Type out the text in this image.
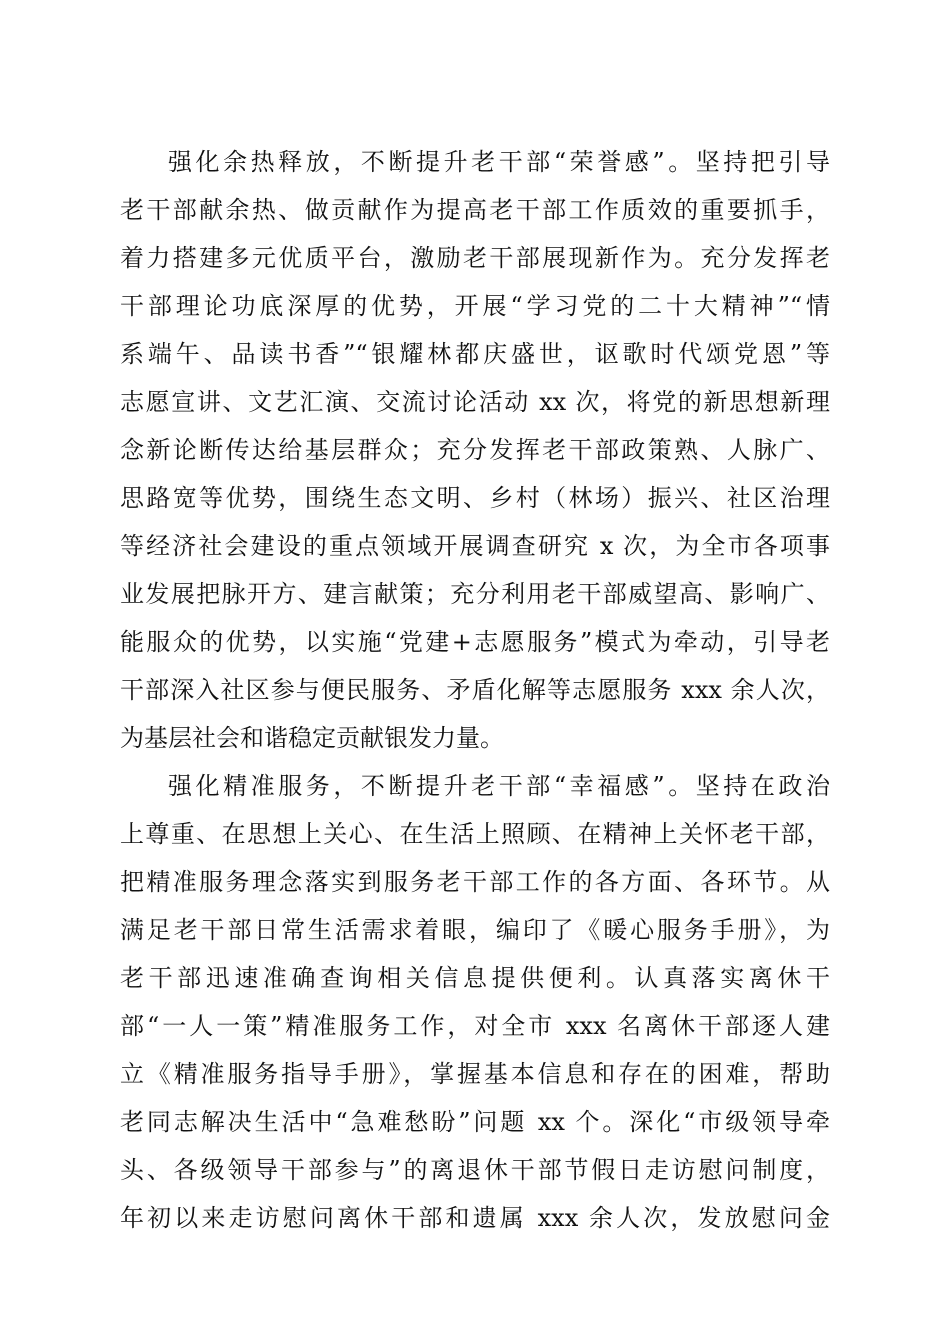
强化余热释放，不断提升老干部“荣誉感”。坚持把引导
老干部献余热、做贡献作为提高老干部工作质效的重要抓手，
着力搭建多元优质平台，激励老干部展现新作为。充分发挥老
干部理论功底深厚的优势，开展“学习党的二十大精神”“情
系端午、品读书香”“银耀林都庆盛世，讴歌时代颂党恩”等
志愿宣讲、文艺汇演、交流讨论活动 xx 次，将党的新思想新理
念新论断传达给基层群众；充分发挥老干部政策熟、人脉广、
思路宽等优势，围绕生态文明、乡村（林场）振兴、社区治理
等经济社会建设的重点领域开展调查研究 x 次，为全市各项事
业发展把脉开方、建言献策；充分利用老干部威望高、影响广、
能服众的优势，以实施“党建+志愿服务”模式为牵动，引导老
干部深入社区参与便民服务、矛盾化解等志愿服务 xxx 余人次，
为基层社会和谐稳定贡献银发力量。
强化精准服务，不断提升老干部“幸福感”。坚持在政治
上尊重、在思想上关心、在生活上照顾、在精神上关怀老干部，
把精准服务理念落实到服务老干部工作的各方面、各环节。从
满足老干部日常生活需求着眼，编印了《暖心服务手册》，为
老干部迅速准确查询相关信息提供便利。认真落实离休干
部“一人一策”精准服务工作，对全市 xxx 名离休干部逐人建
立《精准服务指导手册》，掌握基本信息和存在的困难，帮助
老同志解决生活中“急难愁盼”问题 xx 个。深化“市级领导牵
头、各级领导干部参与”的离退休干部节假日走访慰问制度，
年初以来走访慰问离休干部和遗属 xxx 余人次，发放慰问金
